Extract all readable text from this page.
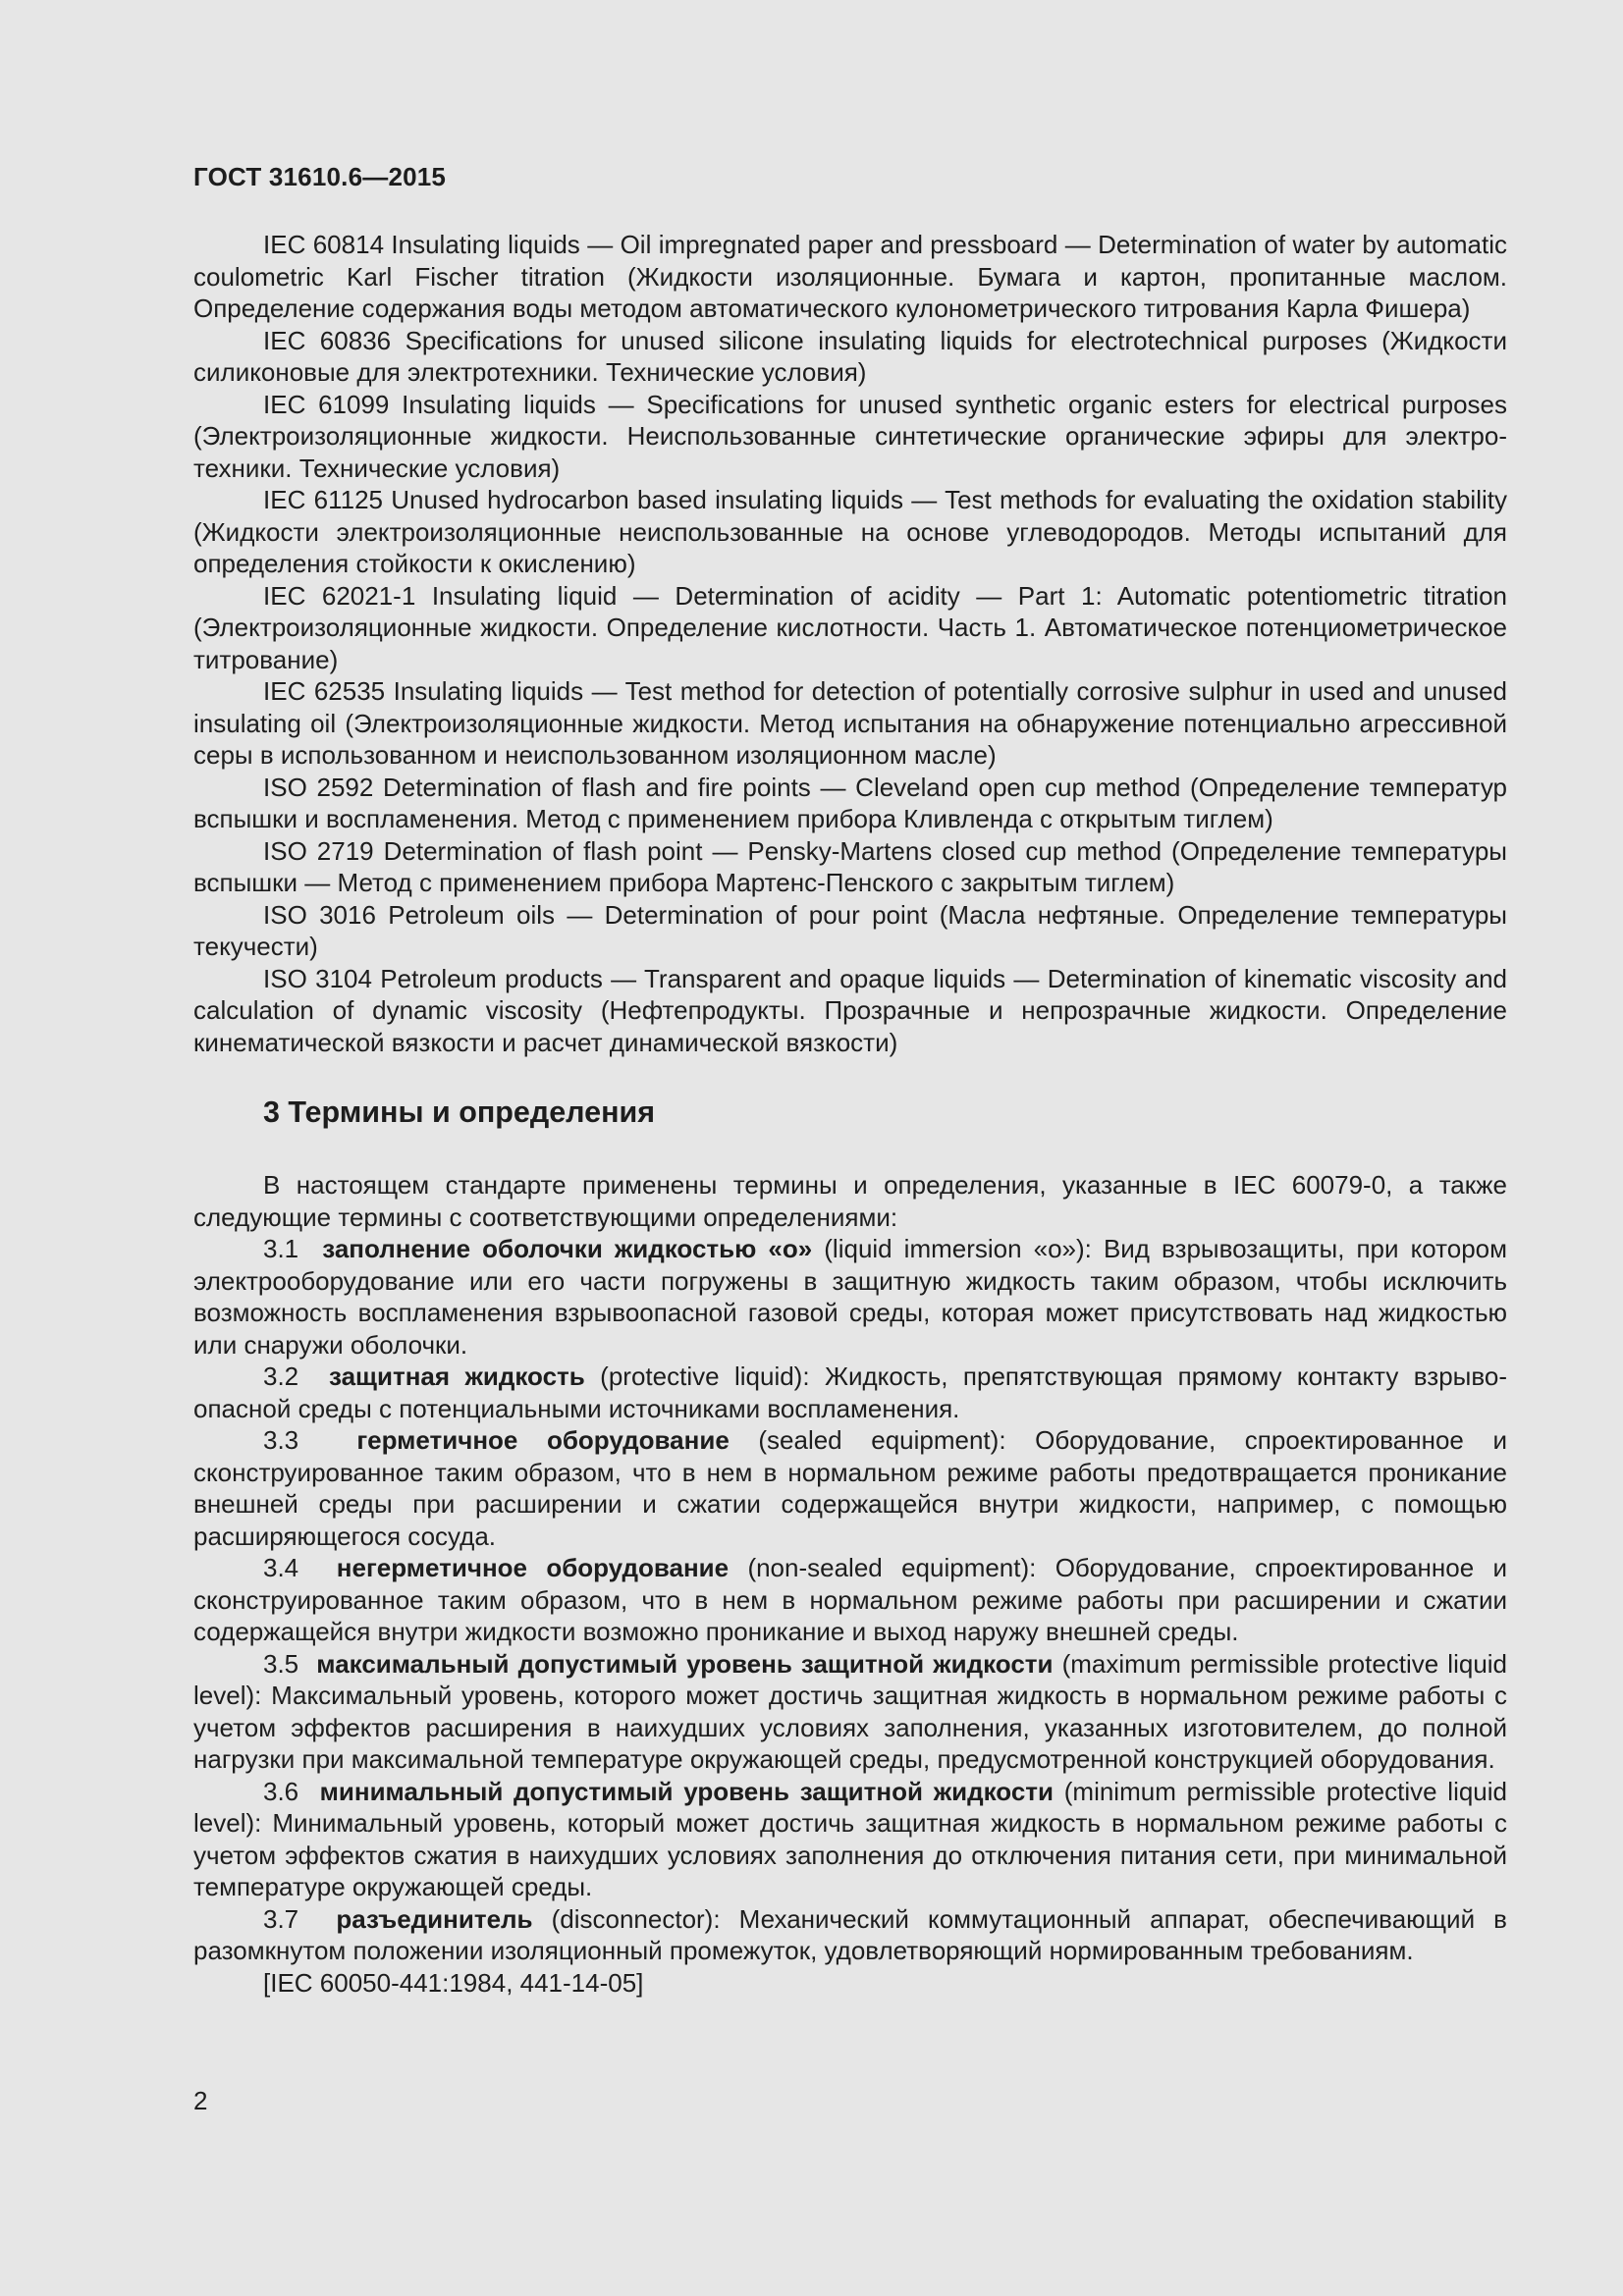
ГОСТ 31610.6—2015

IEC 60814 Insulating liquids — Oil impregnated paper and pressboard — Determination of water by automatic coulometric Karl Fischer titration (Жидкости изоляционные. Бумага и картон, пропитанные маслом. Определение содержания воды методом автоматического кулонометрического титрования Карла Фишера)

IEC 60836 Specifications for unused silicone insulating liquids for electrotechnical purposes (Жидкости силиконовые для электротехники. Технические условия)

IEC 61099 Insulating liquids — Specifications for unused synthetic organic esters for electrical purposes (Электроизоляционные жидкости. Неиспользованные синтетические органические эфиры для электротехники. Технические условия)

IEC 61125 Unused hydrocarbon based insulating liquids — Test methods for evaluating the oxidation stability (Жидкости электроизоляционные неиспользованные на основе углеводородов. Методы испытаний для определения стойкости к окислению)

IEC 62021-1 Insulating liquid — Determination of acidity — Part 1: Automatic potentiometric titration (Электроизоляционные жидкости. Определение кислотности. Часть 1. Автоматическое потенциометрическое титрование)

IEC 62535 Insulating liquids — Test method for detection of potentially corrosive sulphur in used and unused insulating oil (Электроизоляционные жидкости. Метод испытания на обнаружение потенциально агрессивной серы в использованном и неиспользованном изоляционном масле)

ISO 2592 Determination of flash and fire points — Cleveland open cup method (Определение температур вспышки и воспламенения. Метод с применением прибора Кливленда с открытым тиглем)

ISO 2719 Determination of flash point — Pensky-Martens closed cup method (Определение температуры вспышки — Метод с применением прибора Мартенс-Пенского с закрытым тиглем)

ISO 3016 Petroleum oils — Determination of pour point (Масла нефтяные. Определение температуры текучести)

ISO 3104 Petroleum products — Transparent and opaque liquids — Determination of kinematic viscosity and calculation of dynamic viscosity (Нефтепродукты. Прозрачные и непрозрачные жидкости. Определение кинематической вязкости и расчет динамической вязкости)

3 Термины и определения

В настоящем стандарте применены термины и определения, указанные в IEC 60079-0, а также следующие термины с соответствующими определениями:

3.1 заполнение оболочки жидкостью «о» (liquid immersion «o»): Вид взрывозащиты, при котором электрооборудование или его части погружены в защитную жидкость таким образом, чтобы исключить возможность воспламенения взрывоопасной газовой среды, которая может присутствовать над жидкостью или снаружи оболочки.

3.2 защитная жидкость (protective liquid): Жидкость, препятствующая прямому контакту взрывоопасной среды с потенциальными источниками воспламенения.

3.3 герметичное оборудование (sealed equipment): Оборудование, спроектированное и сконструированное таким образом, что в нем в нормальном режиме работы предотвращается проникание внешней среды при расширении и сжатии содержащейся внутри жидкости, например, с помощью расширяющегося сосуда.

3.4 негерметичное оборудование (non-sealed equipment): Оборудование, спроектированное и сконструированное таким образом, что в нем в нормальном режиме работы при расширении и сжатии содержащейся внутри жидкости возможно проникание и выход наружу внешней среды.

3.5 максимальный допустимый уровень защитной жидкости (maximum permissible protective liquid level): Максимальный уровень, которого может достичь защитная жидкость в нормальном режиме работы с учетом эффектов расширения в наихудших условиях заполнения, указанных изготовителем, до полной нагрузки при максимальной температуре окружающей среды, предусмотренной конструкцией оборудования.

3.6 минимальный допустимый уровень защитной жидкости (minimum permissible protective liquid level): Минимальный уровень, который может достичь защитная жидкость в нормальном режиме работы с учетом эффектов сжатия в наихудших условиях заполнения до отключения питания сети, при минимальной температуре окружающей среды.

3.7 разъединитель (disconnector): Механический коммутационный аппарат, обеспечивающий в разомкнутом положении изоляционный промежуток, удовлетворяющий нормированным требованиям.

[IEC 60050-441:1984, 441-14-05]

2
